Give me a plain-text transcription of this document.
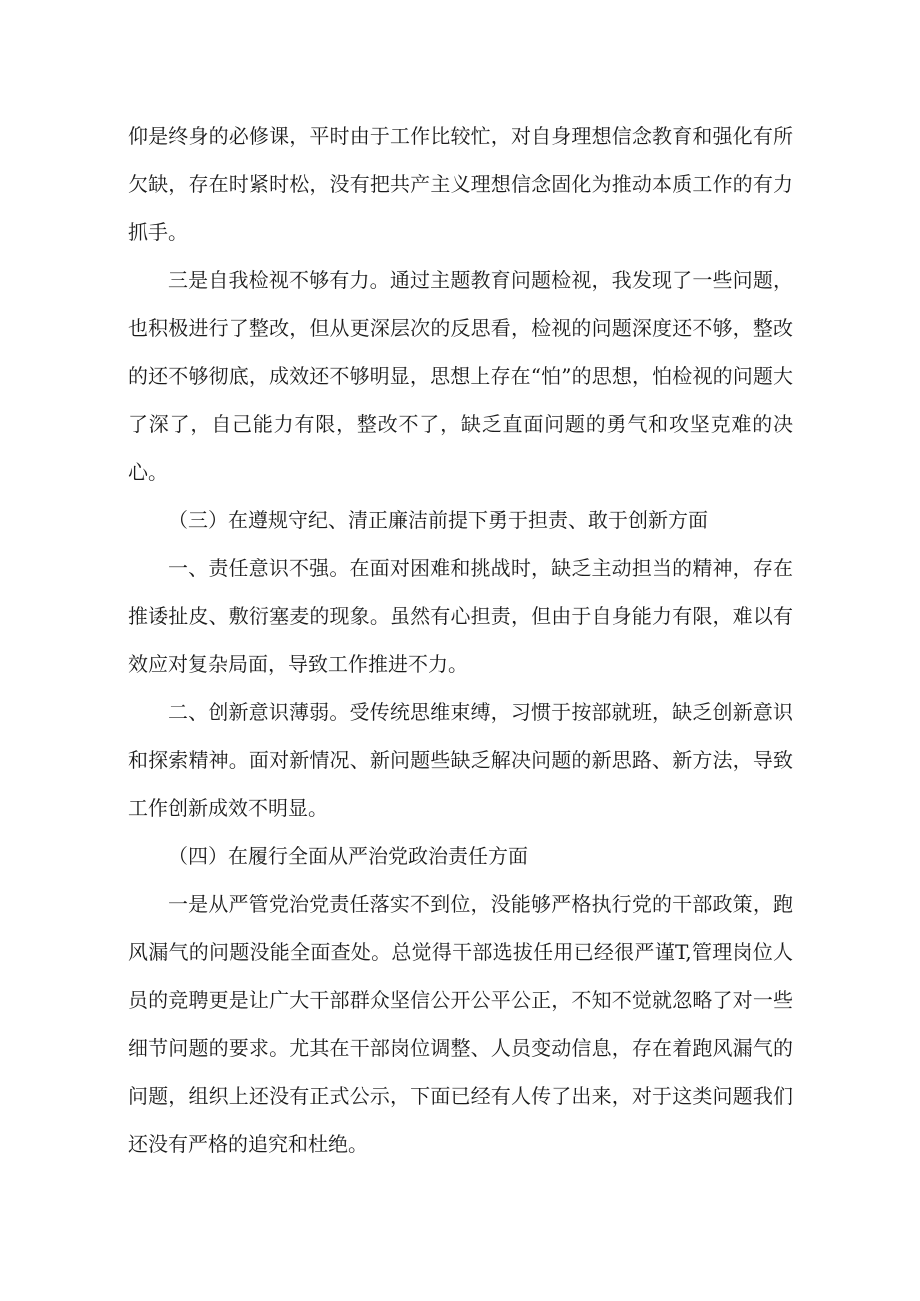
仰是终身的必修课，平时由于工作比较忙，对自身理想信念教育和强化有所欠缺，存在时紧时松，没有把共产主义理想信念固化为推动本质工作的有力抓手。

三是自我检视不够有力。通过主题教育问题检视，我发现了一些问题，也积极进行了整改，但从更深层次的反思看，检视的问题深度还不够，整改的还不够彻底，成效还不够明显，思想上存在“怕”的思想，怕检视的问题大了深了，自己能力有限，整改不了，缺乏直面问题的勇气和攻坚克难的决心。

（三）在遵规守纪、清正廉洁前提下勇于担责、敢于创新方面

一、责任意识不强。在面对困难和挑战时，缺乏主动担当的精神，存在推诿扯皮、敷衍塞麦的现象。虽然有心担责，但由于自身能力有限，难以有效应对复杂局面，导致工作推进不力。

二、创新意识薄弱。受传统思维束缚，习惯于按部就班，缺乏创新意识和探索精神。面对新情况、新问题些缺乏解决问题的新思路、新方法，导致工作创新成效不明显。

（四）在履行全面从严治党政治责任方面

一是从严管党治党责任落实不到位，没能够严格执行党的干部政策，跑风漏气的问题没能全面查处。总觉得干部选拔任用已经很严谨T,管理岗位人员的竞聘更是让广大干部群众坚信公开公平公正，不知不觉就忽略了对一些细节问题的要求。尤其在干部岗位调整、人员变动信息，存在着跑风漏气的问题，组织上还没有正式公示，下面已经有人传了出来，对于这类问题我们还没有严格的追究和杜绝。
